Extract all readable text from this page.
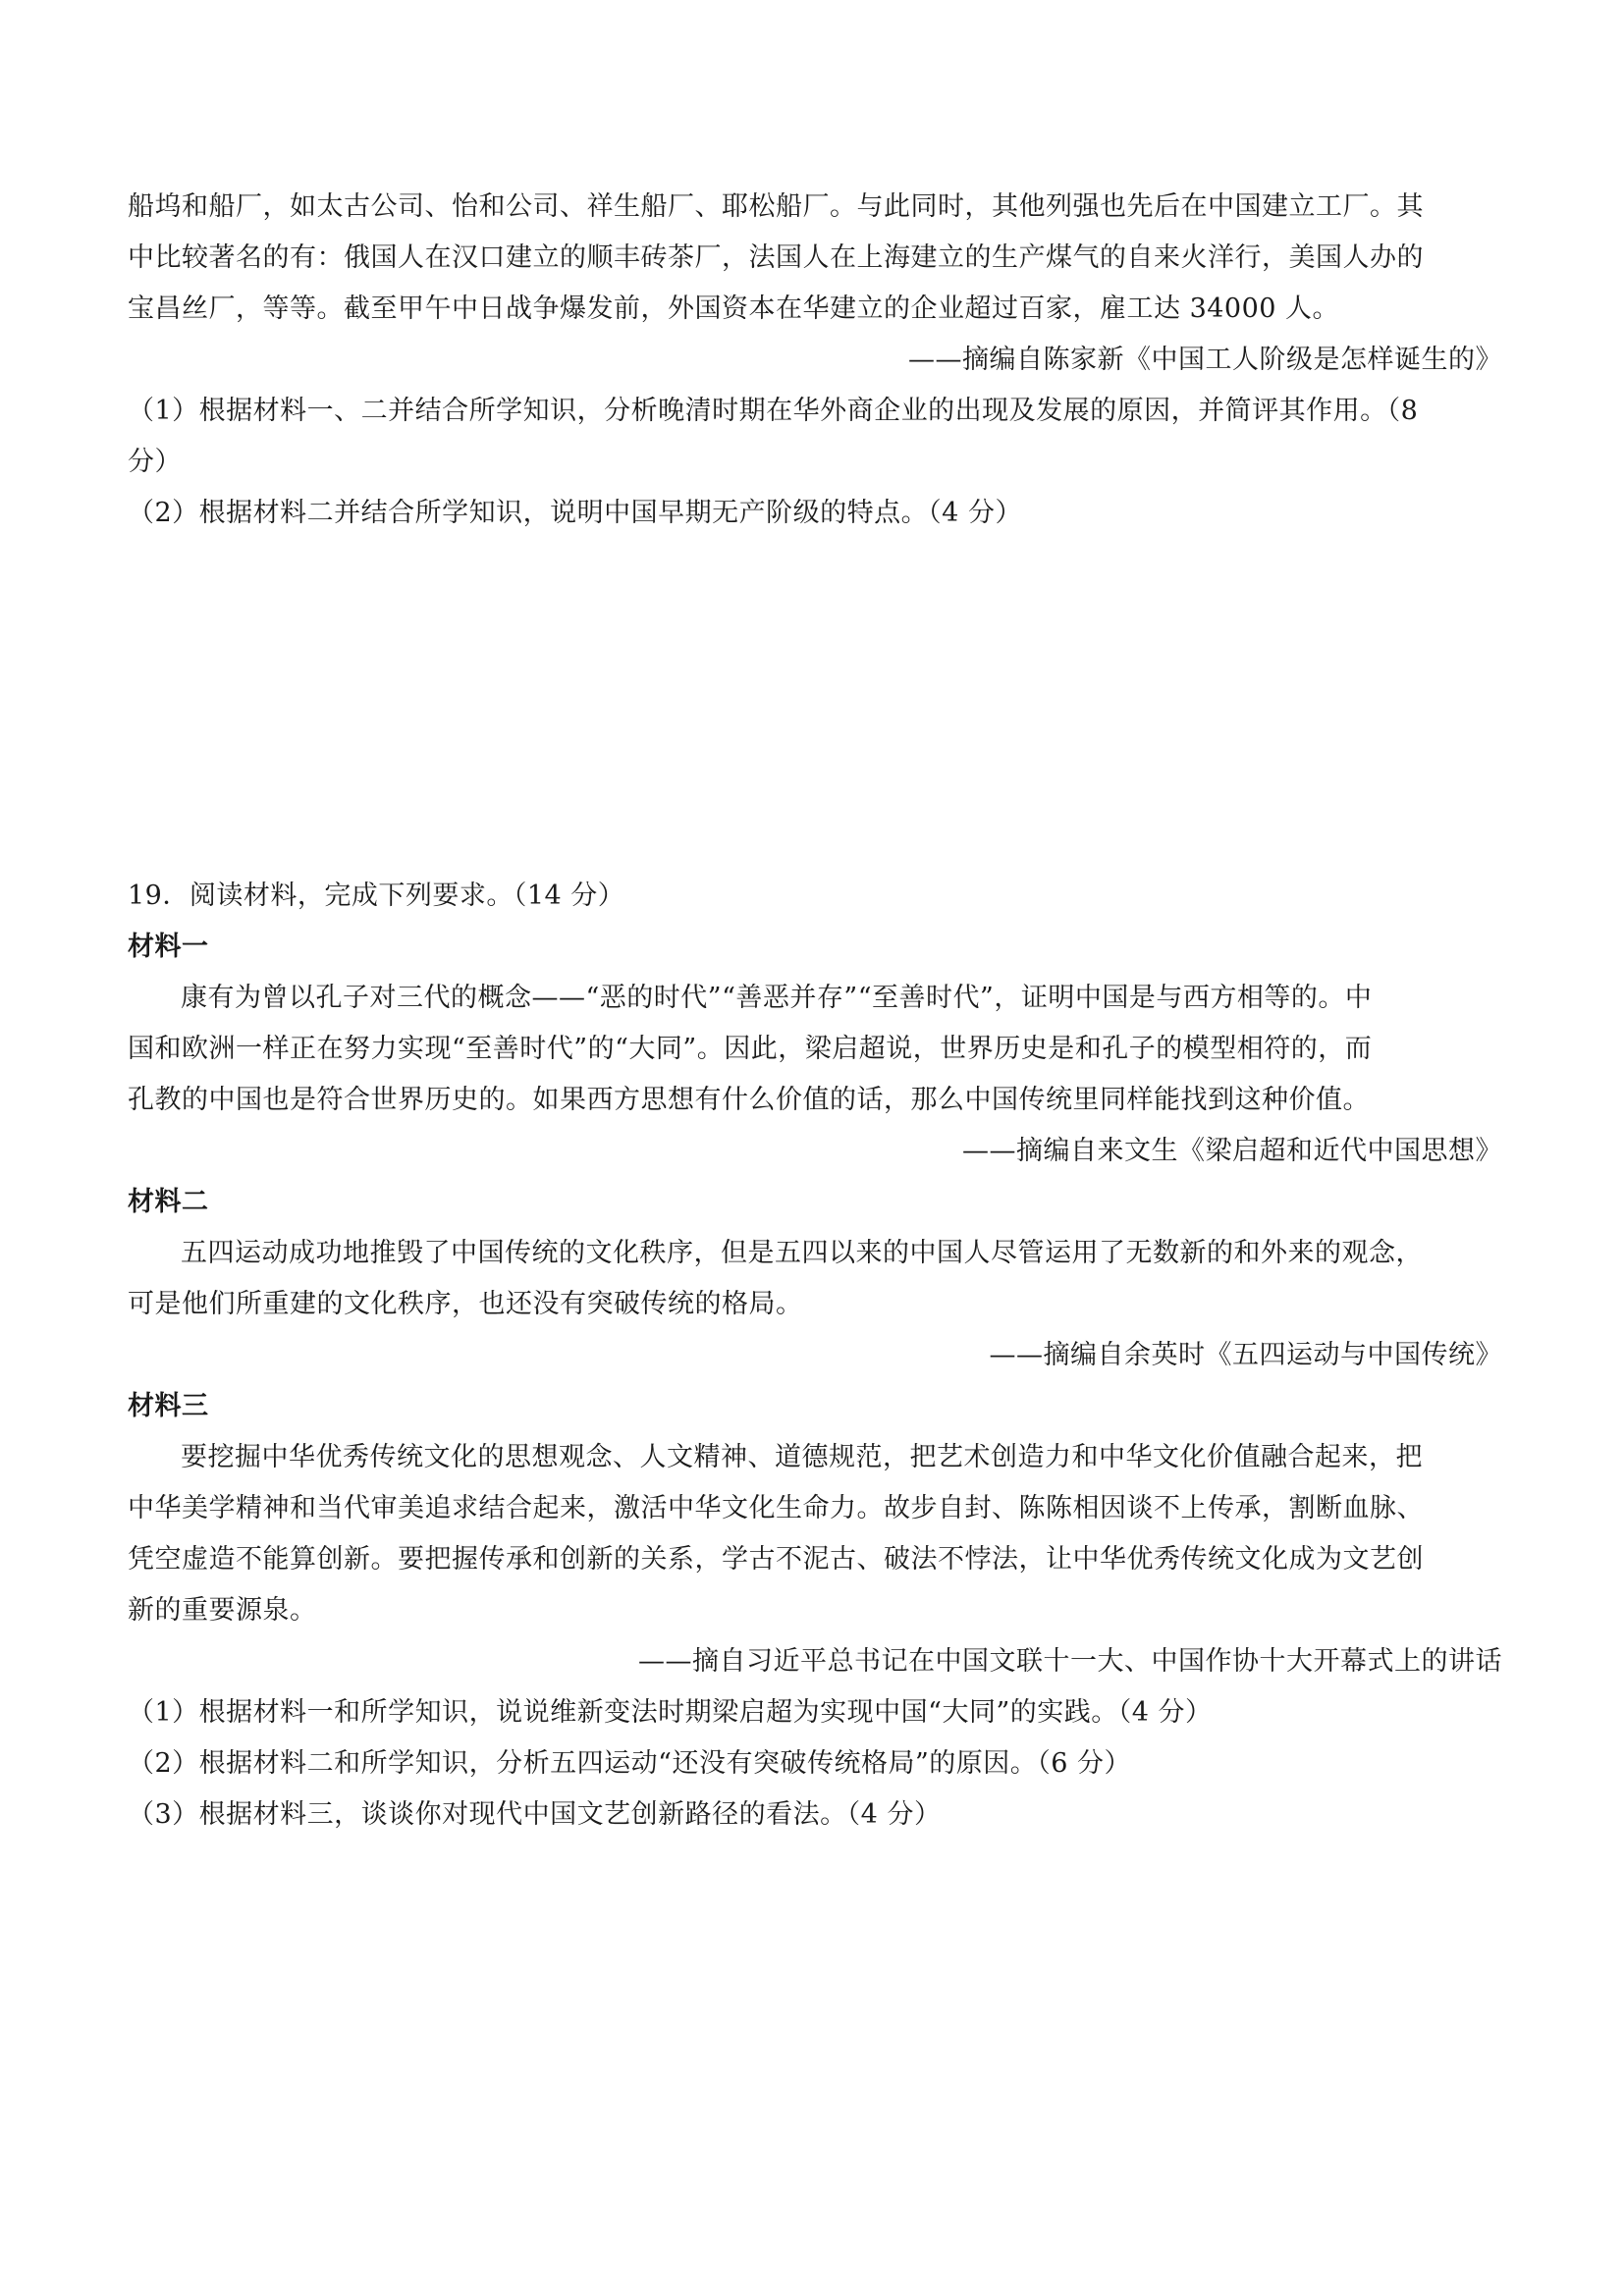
船坞和船厂，如太古公司、怡和公司、祥生船厂、耶松船厂。与此同时，其他列强也先后在中国建立工厂。其
中比较著名的有：俄国人在汉口建立的顺丰砖茶厂，法国人在上海建立的生产煤气的自来火洋行，美国人办的
宝昌丝厂，等等。截至甲午中日战争爆发前，外国资本在华建立的企业超过百家，雇工达 34000 人。
——摘编自陈家新《中国工人阶级是怎样诞生的》
（1）根据材料一、二并结合所学知识，分析晚清时期在华外商企业的出现及发展的原因，并简评其作用。（8
分）
（2）根据材料二并结合所学知识，说明中国早期无产阶级的特点。（4 分）
19．阅读材料，完成下列要求。（14 分）
材料一
康有为曾以孔子对三代的概念——“恶的时代”“善恶并存”“至善时代”，证明中国是与西方相等的。中
国和欧洲一样正在努力实现“至善时代”的“大同”。因此，梁启超说，世界历史是和孔子的模型相符的，而
孔教的中国也是符合世界历史的。如果西方思想有什么价值的话，那么中国传统里同样能找到这种价值。
——摘编自来文生《梁启超和近代中国思想》
材料二
五四运动成功地推毁了中国传统的文化秩序，但是五四以来的中国人尽管运用了无数新的和外来的观念，
可是他们所重建的文化秩序，也还没有突破传统的格局。
——摘编自余英时《五四运动与中国传统》
材料三
要挖掘中华优秀传统文化的思想观念、人文精神、道德规范，把艺术创造力和中华文化价值融合起来，把
中华美学精神和当代审美追求结合起来，激活中华文化生命力。故步自封、陈陈相因谈不上传承，割断血脉、
凭空虚造不能算创新。要把握传承和创新的关系，学古不泥古、破法不悖法，让中华优秀传统文化成为文艺创
新的重要源泉。
——摘自习近平总书记在中国文联十一大、中国作协十大开幕式上的讲话
（1）根据材料一和所学知识，说说维新变法时期梁启超为实现中国“大同”的实践。（4 分）
（2）根据材料二和所学知识，分析五四运动“还没有突破传统格局”的原因。（6 分）
（3）根据材料三，谈谈你对现代中国文艺创新路径的看法。（4 分）
